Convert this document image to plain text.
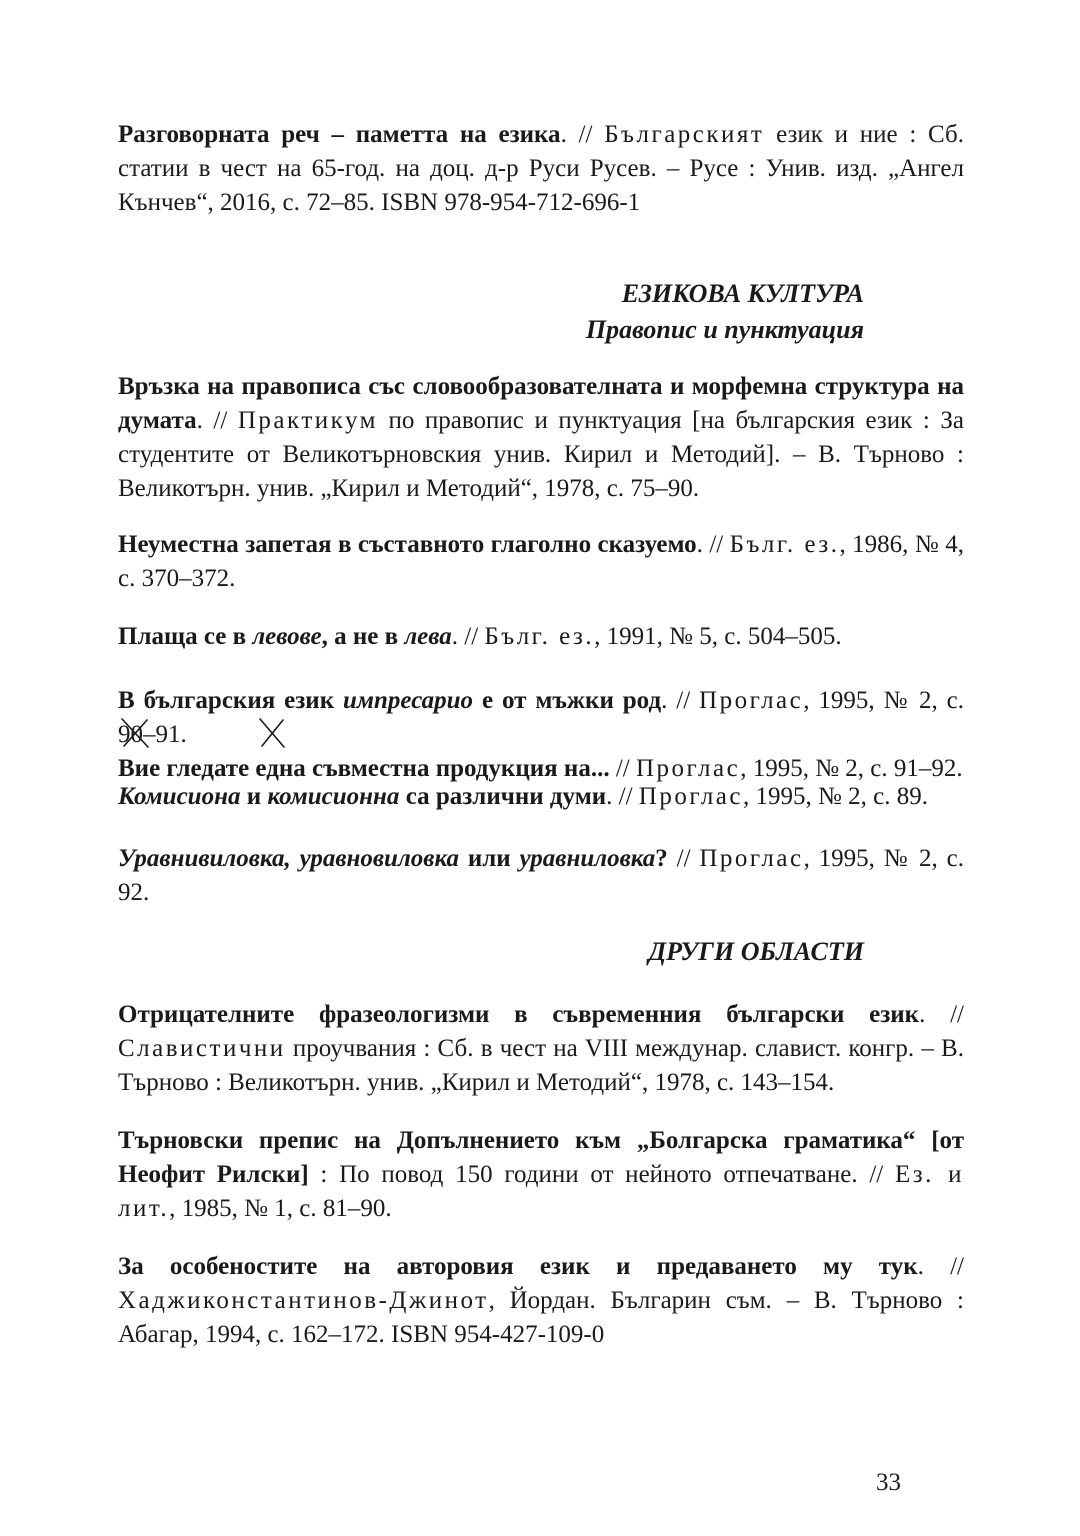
Разговорната реч – паметта на езика. // Българският език и ние : Сб. статии в чест на 65-год. на доц. д-р Руси Русев. – Русе : Унив. изд. „Ангел Кънчев“, 2016, с. 72–85. ISBN 978-954-712-696-1

ЕЗИКОВА КУЛТУРА
Правопис и пунктуация

Връзка на правописа със словообразователната и морфемна структура на думата. // Практикум по правопис и пунктуация [на българския език : За студентите от Великотърновския унив. Кирил и Методий]. – В. Търново : Великотърн. унив. „Кирил и Методий“, 1978, с. 75–90.

Неуместна запетая в съставното глаголно сказуемо. // Бълг. ез., 1986, № 4, с. 370–372.

Плаща се в левове, а не в лева. // Бълг. ез., 1991, № 5, с. 504–505.

В българския език импресарио е от мъжки род. // Проглас, 1995, № 2, с. 90–91.

Вие гледате една съвместна продукция на... // Проглас, 1995, № 2, с. 91–92.

Комисиона и комисионна са различни думи. // Проглас, 1995, № 2, с. 89.

Уравнивиловка, уравновиловка или уравниловка? // Проглас, 1995, № 2, с. 92.

ДРУГИ ОБЛАСТИ

Отрицателните фразеологизми в съвременния български език. // Славистични проучвания : Сб. в чест на VIII междунар. славист. конгр. – В. Търново : Великотърн. унив. „Кирил и Методий“, 1978, с. 143–154.

Търновски препис на Допълнението към „Болгарска граматика“ [от Неофит Рилски] : По повод 150 години от нейното отпечатване. // Ез. и лит., 1985, № 1, с. 81–90.

За особеностите на авторовия език и предаването му тук. // Хаджиконстантинов-Джинот, Йордан. Българин съм. – В. Търново : Абагар, 1994, с. 162–172. ISBN 954-427-109-0

33
